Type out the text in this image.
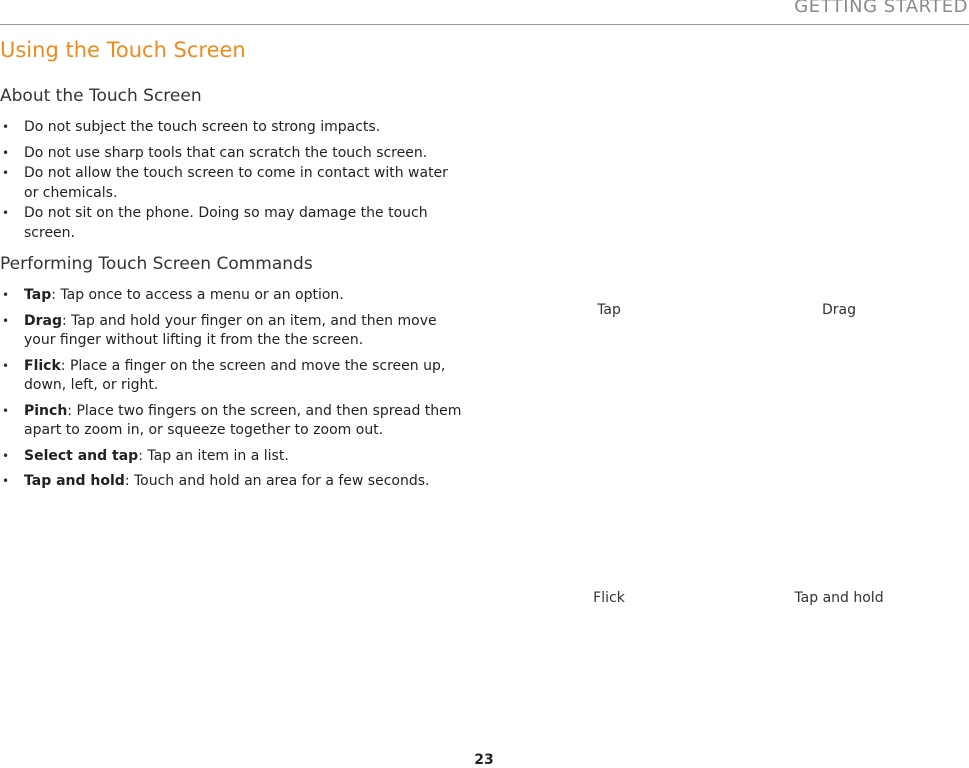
GETTING STARTED
Using the Touch Screen
About the Touch Screen
• Do not subject the touch screen to strong impacts.
• Do not use sharp tools that can scratch the touch screen.
• Do not allow the touch screen to come in contact with water or chemicals.
• Do not sit on the phone. Doing so may damage the touch screen.
Performing Touch Screen Commands
• Tap: Tap once to access a menu or an option.
• Drag: Tap and hold your finger on an item, and then move your finger without lifting it from the the screen.
• Flick: Place a finger on the screen and move the screen up, down, left, or right.
• Pinch: Place two fingers on the screen, and then spread them apart to zoom in, or squeeze together to zoom out.
• Select and tap: Tap an item in a list.
• Tap and hold: Touch and hold an area for a few seconds.
Tap	Drag
Flick	Tap and hold
23
